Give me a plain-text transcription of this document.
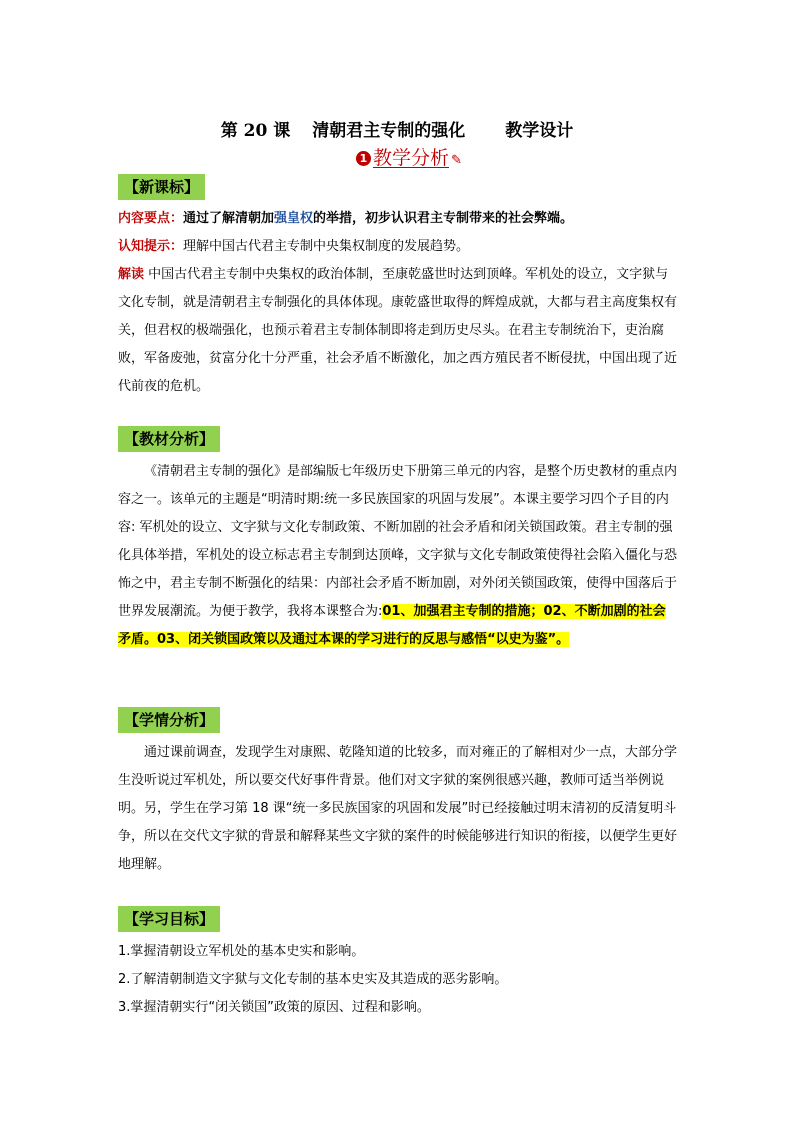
第 20 课 清朝君主专制的强化 教学设计
1 教学分析 ✎
【新课标】

内容要点：通过了解清朝加强皇权的举措，初步认识君主专制带来的社会弊端。

认知提示：理解中国古代君主专制中央集权制度的发展趋势。

解读 中国古代君主专制中央集权的政治体制，至康乾盛世时达到顶峰。军机处的设立，文字狱与文化专制，就是清朝君主专制强化的具体体现。康乾盛世取得的辉煌成就，大都与君主高度集权有关，但君权的极端强化，也预示着君主专制体制即将走到历史尽头。在君主专制统治下，吏治腐败，军备废弛，贫富分化十分严重，社会矛盾不断激化，加之西方殖民者不断侵扰，中国出现了近代前夜的危机。

【教材分析】

《清朝君主专制的强化》是部编版七年级历史下册第三单元的内容，是整个历史教材的重点内容之一。该单元的主题是“明清时期:统一多民族国家的巩固与发展”。本课主要学习四个子目的内容: 军机处的设立、文字狱与文化专制政策、不断加剧的社会矛盾和闭关锁国政策。君主专制的强化具体举措，军机处的设立标志君主专制到达顶峰，文字狱与文化专制政策使得社会陷入僵化与恐怖之中，君主专制不断强化的结果：内部社会矛盾不断加剧，对外闭关锁国政策，使得中国落后于世界发展潮流。为便于教学，我将本课整合为:01、加强君主专制的措施；02、不断加剧的社会矛盾。03、闭关锁国政策以及通过本课的学习进行的反思与感悟“以史为鉴”。

【学情分析】

通过课前调查，发现学生对康熙、乾隆知道的比较多，而对雍正的了解相对少一点，大部分学生没听说过军机处，所以要交代好事件背景。他们对文字狱的案例很感兴趣，教师可适当举例说明。另，学生在学习第 18 课“统一多民族国家的巩固和发展”时已经接触过明末清初的反清复明斗争，所以在交代文字狱的背景和解释某些文字狱的案件的时候能够进行知识的衔接，以便学生更好地理解。

【学习目标】
1.掌握清朝设立军机处的基本史实和影响。
2.了解清朝制造文字狱与文化专制的基本史实及其造成的恶劣影响。
3.掌握清朝实行“闭关锁国”政策的原因、过程和影响。
